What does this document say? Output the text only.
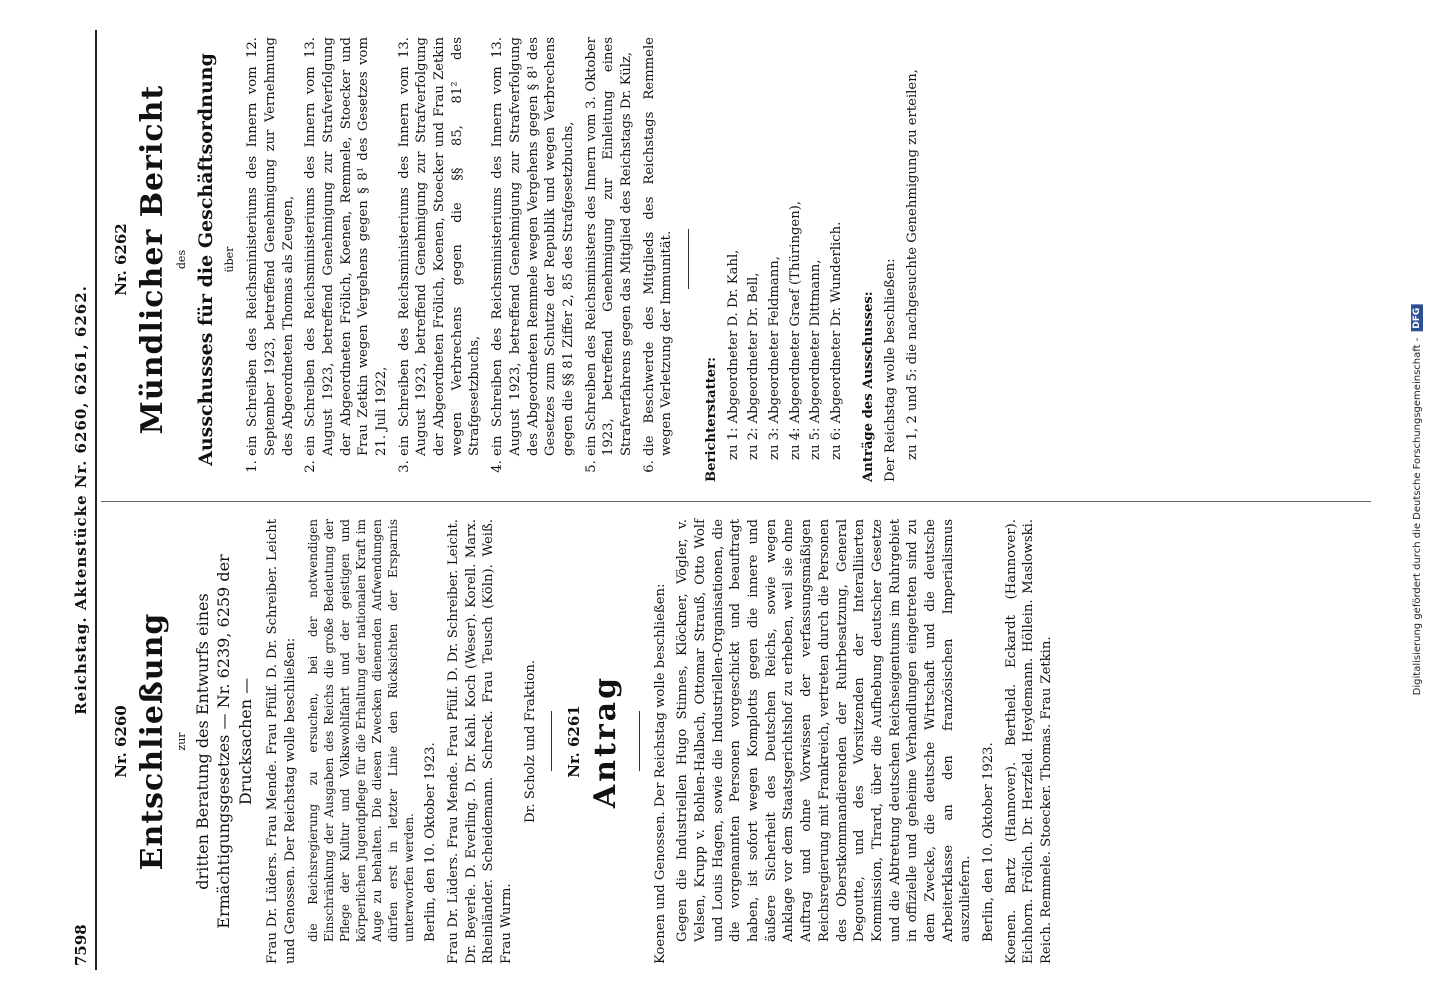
7598
Reichstag. Aktenstücke Nr. 6260, 6261, 6262.
Nr. 6260 Entschließung zur dritten Beratung des Entwurfs eines Ermächtigungsgesetzes — Nr. 6239, 6259 der Drucksachen — Frau Dr. Lüders. Frau Mende. Frau Pfülf. D. Dr. Schreiber. Leicht und Genossen. Der Reichstag wolle beschließen: die Reichsregierung zu ersuchen, bei der notwendigen Einschränkung der Ausgaben des Reichs die große Bedeutung der Pflege der Kultur und Volkswohlfahrt und der geistigen und körperlichen Jugendpflege für die Erhaltung der nationalen Kraft im Auge zu behalten. Die diesen Zwecken dienenden Aufwendungen dürfen erst in letzter Linie den Rücksichten der Ersparnis unterworfen werden. Berlin, den 10. Oktober 1923. Frau Dr. Lüders. Frau Mende. Frau Pfülf. D. Dr. Schreiber. Leicht. Dr. Beyerle. D. Everling. D. Dr. Kahl. Koch (Weser). Korell. Marx. Rheinländer. Scheidemann. Schreck. Frau Teusch (Köln). Weiß. Frau Wurm.

Dr. Scholz und Fraktion. Nr. 6261 Antrag Koenen und Genossen. Der Reichstag wolle beschließen: Gegen die Industriellen Hugo Stinnes, Klöckner, Vögler, v. Velsen, Krupp v. Bohlen-Halbach, Ottomar Strauß, Otto Wolf und Louis Hagen, sowie die Industriellen-Organisationen, die die vorgenannten Personen vorgeschickt und beauftragt haben, ist sofort wegen Komplotts gegen die innere und äußere Sicherheit des Deutschen Reichs, sowie wegen Anklage vor dem Staatsgerichtshof zu erheben, weil sie ohne Auftrag und ohne Vorwissen der verfassungsmäßigen Reichsregierung mit Frankreich, vertreten durch die Personen des Oberstkommandierenden der Ruhrbesatzung, General Degoutte, und des Vorsitzenden der Interalliierten Kommission, Tirard, über die Aufhebung deutscher Gesetze und die Abtretung deutschen Reichseigentums im Ruhrgebiet in offizielle und geheime Verhandlungen eingetreten sind zu dem Zwecke, die deutsche Wirtschaft und die deutsche Arbeiterklasse an den französischen Imperialismus auszuliefern. Berlin, den 10. Oktober 1923. Koenen. Bartz (Hannover). Bertheld. Eckardt (Hannover). Eichhorn. Frölich. Dr. Herzfeld. Heydemann. Höllein. Maslowski. Reich. Remmele. Stoecker. Thomas. Frau Zetkin.

Nr. 6262 Mündlicher Bericht des Ausschusses für die Geschäftsordnung über 1. ein Schreiben des Reichsministeriums des Innern vom 12. September 1923, betreffend Genehmigung zur Vernehmung des Abgeordneten Thomas als Zeugen, 2. ein Schreiben des Reichsministeriums des Innern vom 13. August 1923, betreffend Genehmigung zur Strafverfolgung der Abgeordneten Frölich, Koenen, Remmele, Stoecker und Frau Zetkin wegen Vergehens gegen § 8¹ des Gesetzes vom 21. Juli 1922, 3. ein Schreiben des Reichsministeriums des Innern vom 13. August 1923, betreffend Genehmigung zur Strafverfolgung der Abgeordneten Frölich, Koenen, Stoecker und Frau Zetkin wegen Verbrechens gegen die §§ 85, 81² des Strafgesetzbuchs, 4. ein Schreiben des Reichsministeriums des Innern vom 13. August 1923, betreffend Genehmigung zur Strafverfolgung des Abgeordneten Remmele wegen Vergehens gegen § 8¹ des Gesetzes zum Schutze der Republik und wegen Verbrechens gegen die §§ 81 Ziffer 2, 85 des Strafgesetzbuchs, 5. ein Schreiben des Reichsministers des Innern vom 3. Oktober 1923, betreffend Genehmigung zur Einleitung eines Strafverfahrens gegen das Mitglied des Reichstags Dr. Külz, 6. die Beschwerde des Mitglieds des Reichstags Remmele wegen Verletzung der Immunität. Berichterstatter: zu 1: Abgeordneter D. Dr. Kahl, zu 2: Abgeordneter Dr. Bell, zu 3: Abgeordneter Feldmann, zu 4: Abgeordneter Graef (Thüringen), zu 5: Abgeordneter Dittmann, zu 6: Abgeordneter Dr. Wunderlich. Anträge des Ausschusses: Der Reichstag wolle beschließen: zu 1, 2 und 5: die nachgesuchte Genehmigung zu erteilen,

Digitalisierung gefördert durch die Deutsche Forschungsgemeinschaft -
DFG
